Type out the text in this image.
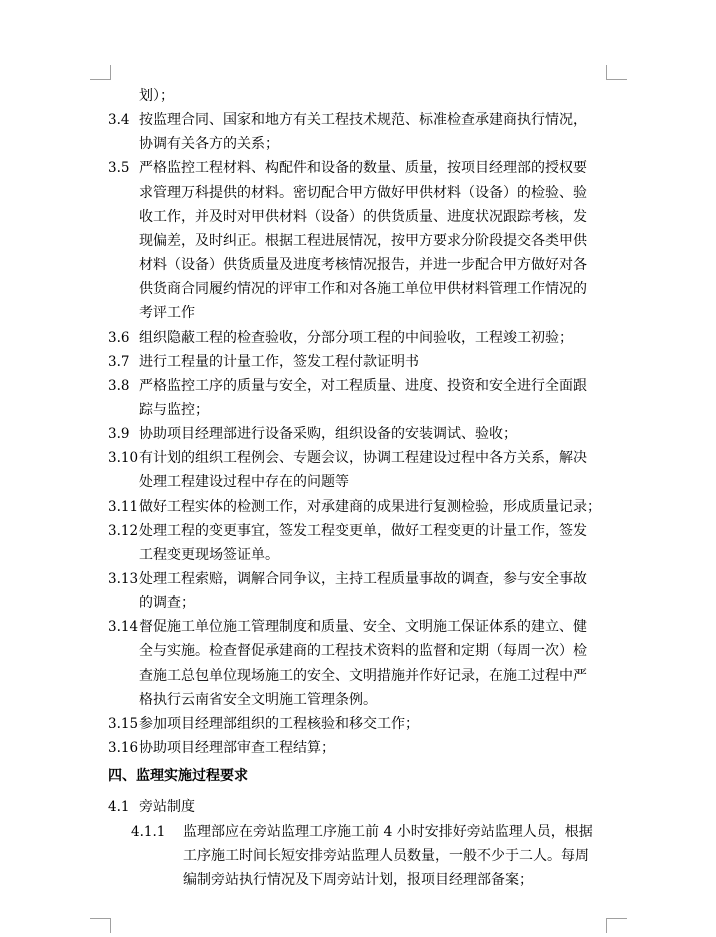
划）；
3.4 按监理合同、国家和地方有关工程技术规范、标准检查承建商执行情况，
协调有关各方的关系；
3.5 严格监控工程材料、构配件和设备的数量、质量，按项目经理部的授权要
求管理万科提供的材料。密切配合甲方做好甲供材料（设备）的检验、验
收工作，并及时对甲供材料（设备）的供货质量、进度状况跟踪考核，发
现偏差，及时纠正。根据工程进展情况，按甲方要求分阶段提交各类甲供
材料（设备）供货质量及进度考核情况报告，并进一步配合甲方做好对各
供货商合同履约情况的评审工作和对各施工单位甲供材料管理工作情况的
考评工作
3.6 组织隐蔽工程的检查验收，分部分项工程的中间验收，工程竣工初验；
3.7 进行工程量的计量工作，签发工程付款证明书
3.8 严格监控工序的质量与安全，对工程质量、进度、投资和安全进行全面跟
踪与监控；
3.9 协助项目经理部进行设备采购，组织设备的安装调试、验收；
3.10 有计划的组织工程例会、专题会议，协调工程建设过程中各方关系，解决
处理工程建设过程中存在的问题等
3.11 做好工程实体的检测工作，对承建商的成果进行复测检验，形成质量记录；
3.12 处理工程的变更事宜，签发工程变更单，做好工程变更的计量工作，签发
工程变更现场签证单。
3.13 处理工程索赔，调解合同争议，主持工程质量事故的调查，参与安全事故
的调查；
3.14 督促施工单位施工管理制度和质量、安全、文明施工保证体系的建立、健
全与实施。检查督促承建商的工程技术资料的监督和定期（每周一次）检
查施工总包单位现场施工的安全、文明措施并作好记录，在施工过程中严
格执行云南省安全文明施工管理条例。
3.15 参加项目经理部组织的工程核验和移交工作；
3.16 协助项目经理部审查工程结算；
四、监理实施过程要求
4.1 旁站制度
4.1.1 监理部应在旁站监理工序施工前 4 小时安排好旁站监理人员，根据
工序施工时间长短安排旁站监理人员数量，一般不少于二人。每周
编制旁站执行情况及下周旁站计划，报项目经理部备案；
